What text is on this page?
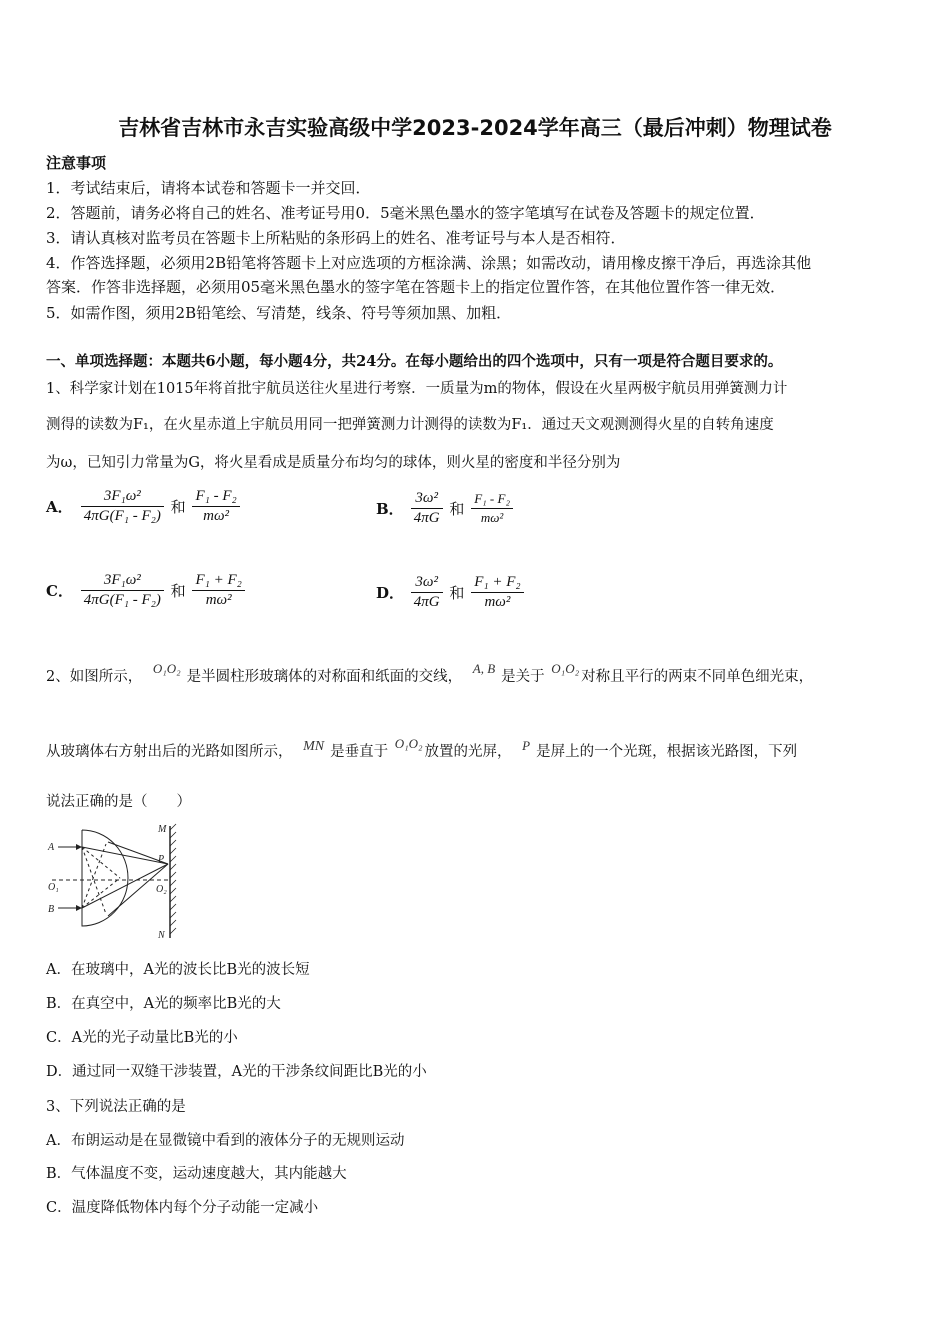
吉林省吉林市永吉实验高级中学2023-2024学年高三（最后冲刺）物理试卷
注意事项
1．考试结束后，请将本试卷和答题卡一并交回．
2．答题前，请务必将自己的姓名、准考证号用0．5毫米黑色墨水的签字笔填写在试卷及答题卡的规定位置．
3．请认真核对监考员在答题卡上所粘贴的条形码上的姓名、准考证号与本人是否相符．
4．作答选择题，必须用2B铅笔将答题卡上对应选项的方框涂满、涂黑；如需改动，请用橡皮擦干净后，再选涂其他
答案．作答非选择题，必须用05毫米黑色墨水的签字笔在答题卡上的指定位置作答，在其他位置作答一律无效．
5．如需作图，须用2B铅笔绘、写清楚，线条、符号等须加黑、加粗．
一、单项选择题：本题共6小题，每小题4分，共24分。在每小题给出的四个选项中，只有一项是符合题目要求的。
1、科学家计划在1015年将首批宇航员送往火星进行考察．一质量为m的物体，假设在火星两极宇航员用弹簧测力计
测得的读数为F₁，在火星赤道上宇航员用同一把弹簧测力计测得的读数为F₁．通过天文观测测得火星的自转角速度
为ω，已知引力常量为G，将火星看成是质量分布均匀的球体，则火星的密度和半径分别为
A． $\frac{\text{3F₁ω²}}{\text{4πG(F₁ - F₂)}}$ 和 $\frac{\text{F₁ - F₂}}{\text{mω²}}$	B． $\frac{\text{3ω²}}{4\pi G}$ 和 $\frac{\text{F₁ - F₂}}{\text{mω²}}$
C． $\frac{\text{3F₁ω²}}{\text{4πG(F₁ - F₂)}}$ 和 $\frac{\text{F₁ + F₂}}{\text{mω²}}$	D． $\frac{\text{3ω²}}{4\pi G}$ 和 $\frac{\text{F₁ + F₂}}{\text{mω²}}$
2、如图所示， O₁O₂是半圆柱形玻璃体的对称面和纸面的交线， A, B是关于 O₁O₂对称且平行的两束不同单色细光束，
从玻璃体右方射出后的光路如图所示， MN 是垂直于 O₁O₂放置的光屏， P 是屏上的一个光斑，根据该光路图，下列
说法正确的是（　　）
A
O₁
B
M
P
O₂
N
A．在玻璃中，A光的波长比B光的波长短
B．在真空中，A光的频率比B光的大
C．A光的光子动量比B光的小
D．通过同一双缝干涉装置，A光的干涉条纹间距比B光的小
3、下列说法正确的是
A．布朗运动是在显微镜中看到的液体分子的无规则运动
B．气体温度不变，运动速度越大，其内能越大
C．温度降低物体内每个分子动能一定减小
